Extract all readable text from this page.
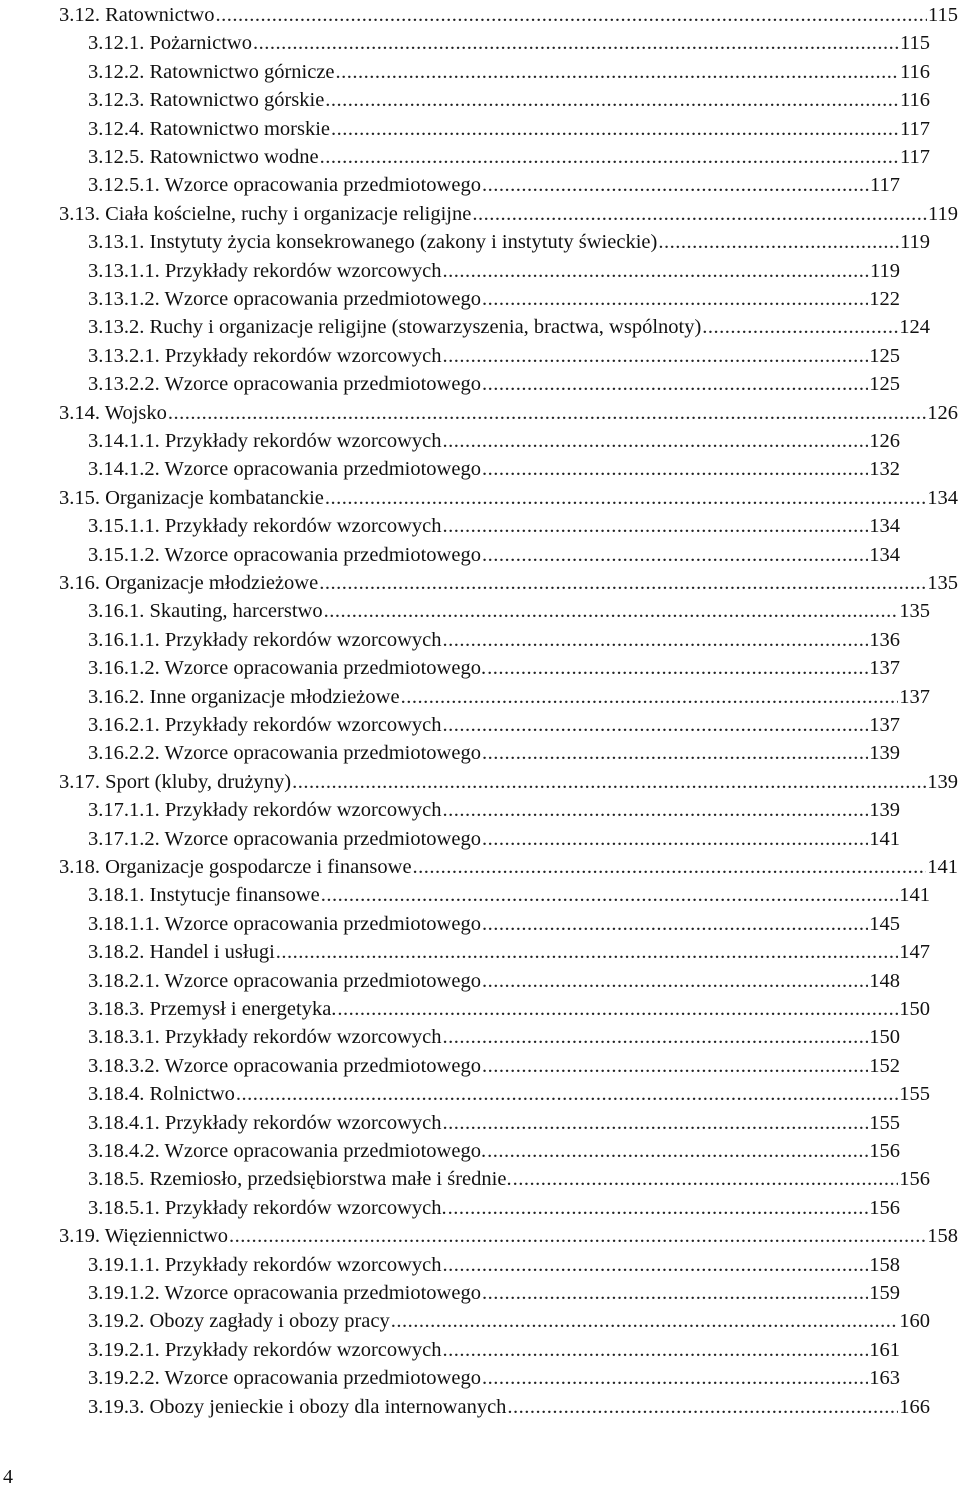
3.12. Ratownictwo .....	115
3.12.1. Pożarnictwo .....	115
3.12.2. Ratownictwo górnicze .....	116
3.12.3. Ratownictwo górskie .....	116
3.12.4. Ratownictwo morskie .....	117
3.12.5. Ratownictwo wodne .....	117
3.12.5.1. Wzorce opracowania przedmiotowego .....	117
3.13. Ciała kościelne, ruchy i organizacje religijne .....	119
3.13.1. Instytuty życia konsekrowanego (zakony i instytuty świeckie) .....	119
3.13.1.1. Przykłady rekordów wzorcowych .....	119
3.13.1.2. Wzorce opracowania przedmiotowego .....	122
3.13.2. Ruchy i organizacje religijne (stowarzyszenia, bractwa, wspólnoty) .....	124
3.13.2.1. Przykłady rekordów wzorcowych .....	125
3.13.2.2. Wzorce opracowania przedmiotowego .....	125
3.14. Wojsko .....	126
3.14.1.1. Przykłady rekordów wzorcowych .....	126
3.14.1.2. Wzorce opracowania przedmiotowego .....	132
3.15. Organizacje kombatanckie .....	134
3.15.1.1. Przykłady rekordów wzorcowych .....	134
3.15.1.2. Wzorce opracowania przedmiotowego .....	134
3.16. Organizacje młodzieżowe .....	135
3.16.1. Skauting, harcerstwo .....	135
3.16.1.1. Przykłady rekordów wzorcowych .....	136
3.16.1.2. Wzorce opracowania przedmiotowego. .....	137
3.16.2. Inne organizacje młodzieżowe .....	137
3.16.2.1. Przykłady rekordów wzorcowych .....	137
3.16.2.2. Wzorce opracowania przedmiotowego .....	139
3.17. Sport (kluby, drużyny) .....	139
3.17.1.1. Przykłady rekordów wzorcowych .....	139
3.17.1.2. Wzorce opracowania przedmiotowego .....	141
3.18. Organizacje gospodarcze i finansowe .....	141
3.18.1. Instytucje finansowe .....	141
3.18.1.1. Wzorce opracowania przedmiotowego .....	145
3.18.2. Handel i usługi .....	147
3.18.2.1. Wzorce opracowania przedmiotowego .....	148
3.18.3. Przemysł i energetyka. .....	150
3.18.3.1. Przykłady rekordów wzorcowych .....	150
3.18.3.2. Wzorce opracowania przedmiotowego .....	152
3.18.4. Rolnictwo .....	155
3.18.4.1. Przykłady rekordów wzorcowych .....	155
3.18.4.2. Wzorce opracowania przedmiotowego. .....	156
3.18.5. Rzemiosło, przedsiębiorstwa małe i średnie. .....	156
3.18.5.1. Przykłady rekordów wzorcowych. .....	156
3.19. Więziennictwo .....	158
3.19.1.1. Przykłady rekordów wzorcowych .....	158
3.19.1.2. Wzorce opracowania przedmiotowego .....	159
3.19.2. Obozy zagłady i obozy pracy .....	160
3.19.2.1. Przykłady rekordów wzorcowych .....	161
3.19.2.2. Wzorce opracowania przedmiotowego .....	163
3.19.3. Obozy jenieckie i obozy dla internowanych .....	166
4
